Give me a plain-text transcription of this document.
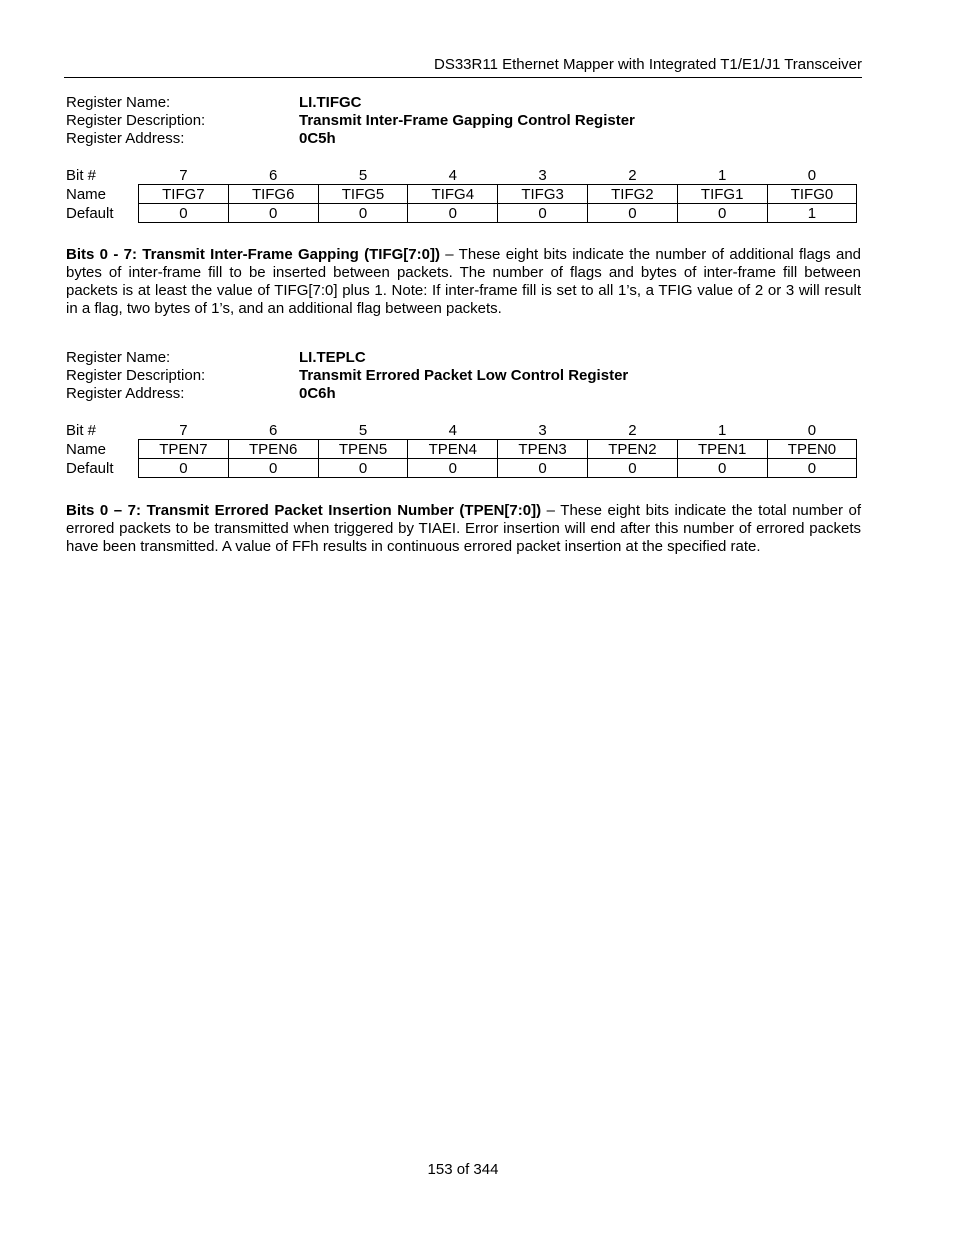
DS33R11 Ethernet Mapper with Integrated T1/E1/J1 Transceiver
Register Name:	LI.TIFGC
Register Description:	Transmit Inter-Frame Gapping Control Register
Register Address:	0C5h
Bit #	7	6	5	4	3	2	1	0
Name	TIFG7	TIFG6	TIFG5	TIFG4	TIFG3	TIFG2	TIFG1	TIFG0
Default	0	0	0	0	0	0	0	1
Bits 0 - 7: Transmit Inter-Frame Gapping (TIFG[7:0]) – These eight bits indicate the number of additional flags and bytes of inter-frame fill to be inserted between packets. The number of flags and bytes of inter-frame fill between packets is at least the value of TIFG[7:0] plus 1. Note: If inter-frame fill is set to all 1’s, a TFIG value of 2 or 3 will result in a flag, two bytes of 1’s, and an additional flag between packets.
Register Name:	LI.TEPLC
Register Description:	Transmit Errored Packet Low Control Register
Register Address:	0C6h
Bit #	7	6	5	4	3	2	1	0
Name	TPEN7	TPEN6	TPEN5	TPEN4	TPEN3	TPEN2	TPEN1	TPEN0
Default	0	0	0	0	0	0	0	0
Bits 0 – 7: Transmit Errored Packet Insertion Number (TPEN[7:0]) – These eight bits indicate the total number of errored packets to be transmitted when triggered by TIAEI. Error insertion will end after this number of errored packets have been transmitted. A value of FFh results in continuous errored packet insertion at the specified rate.
153 of 344
